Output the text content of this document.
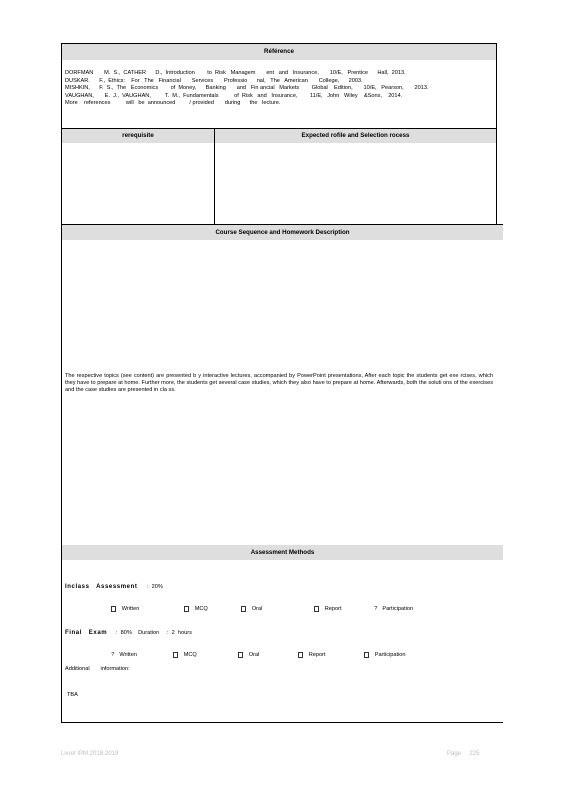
Référence
DORFMAN       M.  S.,  CATHER      D.,  Introduction        to  Risk   Managem       ent   and   Insurance,       10/E,   Prentice      Hall,  2013.
DUSKAR.      F.,  Ethics:    For   The   Financial       Services       Professio      nal,   The   American       College,      2003.
MISHKIN,      F.  S.,  The   Economics        of  Money,      Banking       and   Fin ancial   Markets        Global    Edition,       10/E,   Pearson,       2013.
VAUGHAN,       E.  J.,  VAUGHAN,         T.  M.,  Fundamentals          of  Risk   and   Insurance,        11/E,   John   Wiley    &Sons,    2014.
More    references          will   be  announced         / provided       during      the   lecture.
rerequisite	Expected rofile and Selection rocess
Course Sequence and Homework Description
The respective topics (see content) are presented b y interactive lectures, accompanied by PowerPoint presentations, After each topic the students get exe rcises, which they have to prepare at home. Further more, the students get several case studies, which they also have to prepare at home. Afterwards, both the soluti ons of the exercises and the case studies are presented in cla ss.
Assessment Methods
Inclass   Assessment :  20%

Written
	MCQ
	Oral
	Report
	? Participation

Final   Exam :  80%    Duration     :  2  hours

? Written
	MCQ
	Oral
	Report
	Participation

Additional       information:
TBA
Livret IPM 2018-2019	Page     225
